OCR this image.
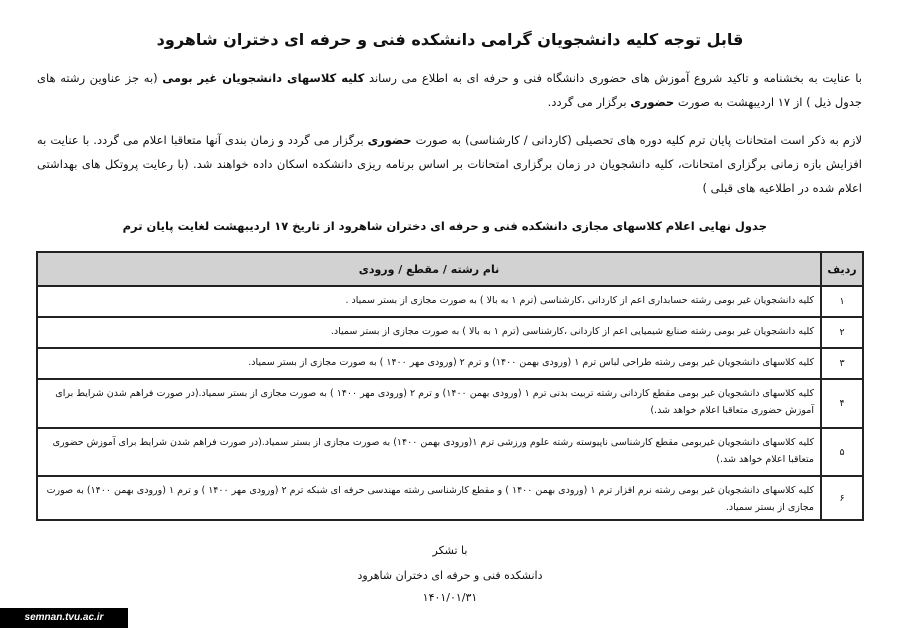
قابل توجه کلیه دانشجویان گرامی دانشکده فنی و حرفه ای دختران شاهرود
با عنایت به بخشنامه و تاکید شروع آموزش های حضوری دانشگاه فنی و حرفه ای به اطلاع می رساند کلیه کلاسهای دانشجویان غیر بومی (به جز عناوین رشته های جدول ذیل ) از ۱۷ اردیبهشت به صورت حضوری برگزار می گردد.
لازم به ذکر است امتحانات پایان ترم کلیه دوره های تحصیلی (کاردانی / کارشناسی) به صورت حضوری برگزار می گردد و زمان بندی آنها متعاقبا اعلام می گردد. با عنایت به افزایش بازه زمانی برگزاری امتحانات، کلیه دانشجویان در زمان برگزاری امتحانات بر اساس برنامه ریزی دانشکده اسکان داده خواهند شد. (با رعایت پروتکل های بهداشتی اعلام شده در اطلاعیه های قبلی )
جدول نهایی اعلام کلاسهای مجازی دانشکده فنی و حرفه ای دختران شاهرود از تاریخ ۱۷ اردیبهشت لغایت پایان ترم
ردیف	نام رشته / مقطع / ورودی
۱	کلیه دانشجویان غیر بومی رشته حسابداری اعم از کاردانی ،کارشناسی (ترم ۱ به بالا ) به صورت مجازی از بستر سمیاد .
۲	کلیه دانشجویان غیر بومی رشته صنایع شیمیایی اعم از کاردانی ،کارشناسی (ترم ۱ به بالا ) به صورت مجازی از بستر سمیاد.
۳	کلیه کلاسهای دانشجویان غیر بومی رشته طراحی لباس ترم ۱ (ورودی بهمن ۱۴۰۰) و ترم ۲ (ورودی مهر ۱۴۰۰ ) به صورت مجازی از بستر سمیاد.
۴	کلیه کلاسهای دانشجویان غیر بومی مقطع کاردانی رشته تربیت بدنی ترم ۱ (ورودی بهمن ۱۴۰۰) و ترم ۲ (ورودی مهر ۱۴۰۰ ) به صورت مجازی از بستر سمیاد.(در صورت فراهم شدن شرایط برای آموزش حضوری متعاقبا اعلام خواهد شد.)
۵	کلیه کلاسهای دانشجویان غیربومی مقطع کارشناسی ناپیوسته رشته علوم ورزشی ترم ۱(ورودی بهمن ۱۴۰۰) به صورت مجازی از بستر سمیاد.(در صورت فراهم شدن شرایط برای آموزش حضوری متعاقبا اعلام خواهد شد.)
۶	کلیه کلاسهای دانشجویان غیر بومی رشته نرم افزار ترم ۱ (ورودی بهمن ۱۴۰۰ ) و مقطع کارشناسی رشته مهندسی حرفه ای شبکه ترم ۲ (ورودی مهر ۱۴۰۰ ) و ترم ۱ (ورودی بهمن ۱۴۰۰) به صورت مجازی از بستر سمیاد.
با تشکر
دانشکده فنی و حرفه ای دختران شاهرود
۱۴۰۱/۰۱/۳۱
semnan.tvu.ac.ir
